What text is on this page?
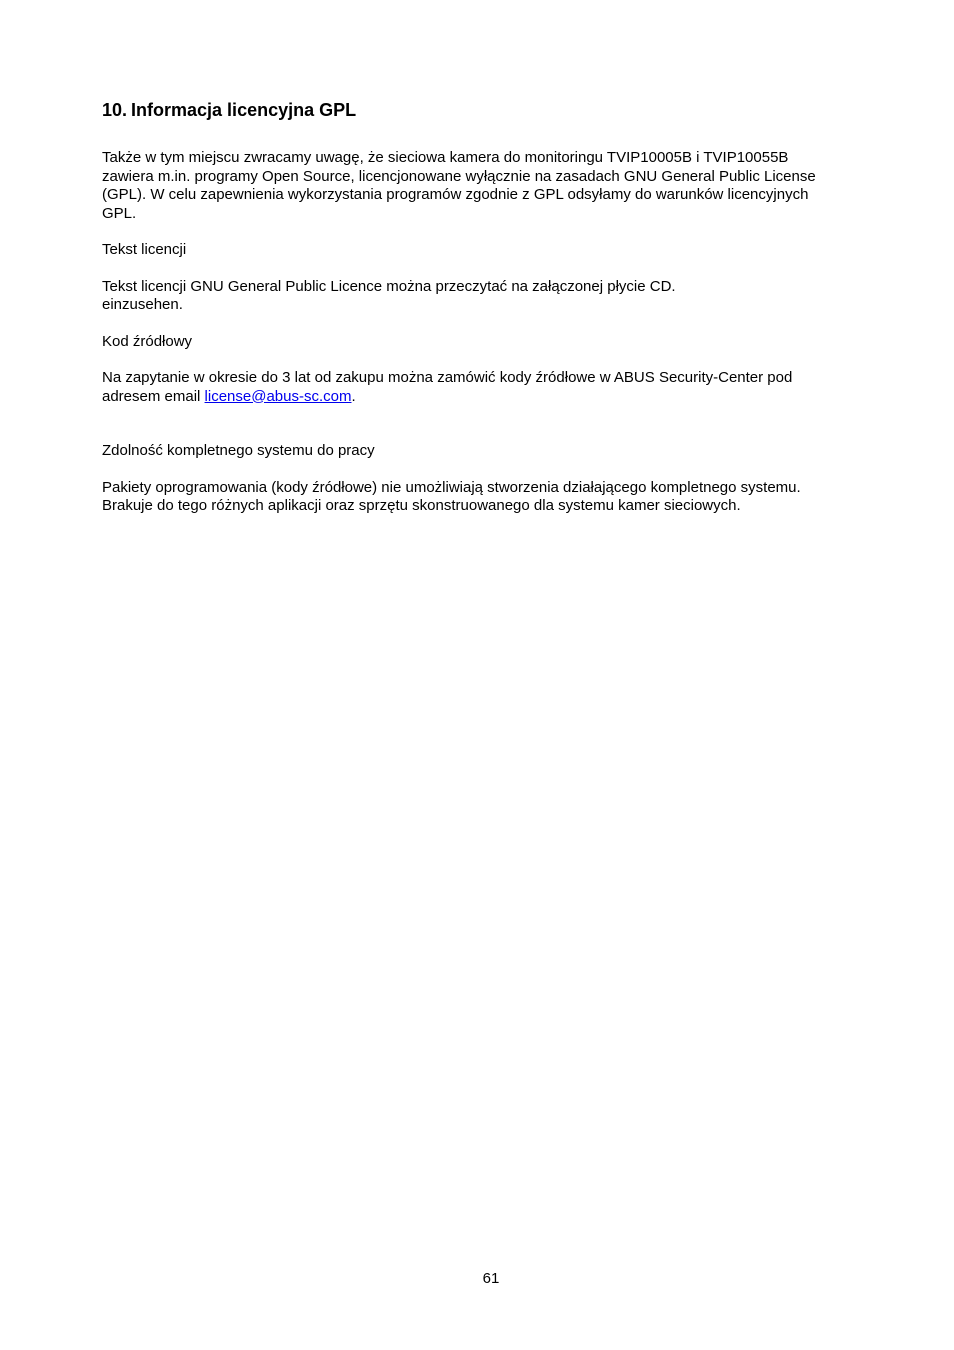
10. Informacja licencyjna GPL

Także w tym miejscu zwracamy uwagę, że sieciowa kamera do monitoringu TVIP10005B i TVIP10055B
zawiera m.in. programy Open Source, licencjonowane wyłącznie na zasadach GNU General Public License
(GPL). W celu zapewnienia wykorzystania programów zgodnie z GPL odsyłamy do warunków licencyjnych
GPL.

Tekst licencji

Tekst licencji GNU General Public Licence można przeczytać na załączonej płycie CD.
einzusehen.

Kod źródłowy

Na zapytanie w okresie do 3 lat od zakupu można zamówić kody źródłowe w ABUS Security-Center pod
adresem email license@abus-sc.com.

Zdolność kompletnego systemu do pracy

Pakiety oprogramowania (kody źródłowe) nie umożliwiają stworzenia działającego kompletnego systemu.
Brakuje do tego różnych aplikacji oraz sprzętu skonstruowanego dla systemu kamer sieciowych.

61
